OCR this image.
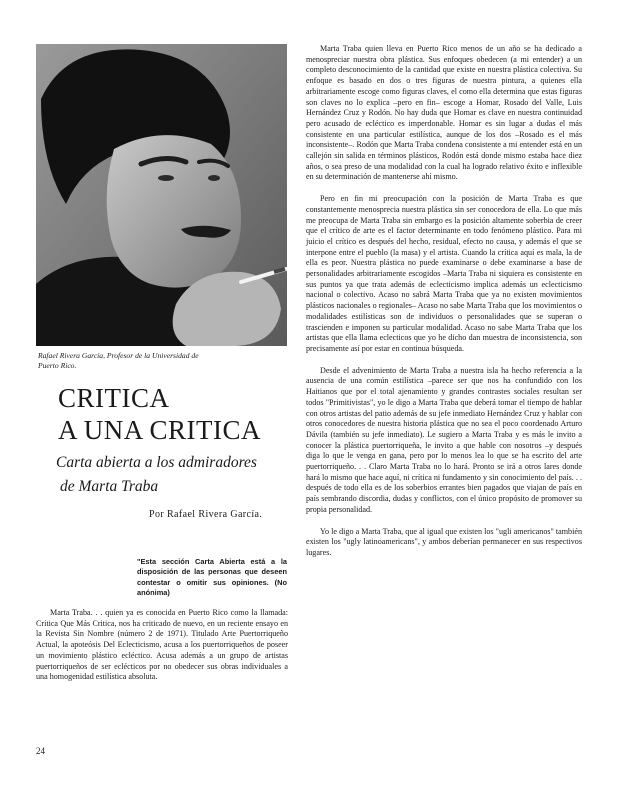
Rafael Rivera García, Profesor de la Universidad de Puerto Rico.

CRITICA
A UNA CRITICA
Carta abierta a los admiradores
de Marta Traba

Por Rafael Rivera García.

"Esta sección Carta Abierta está a la disposición de las personas que deseen contestar o omitir sus opiniones. (No anónima)

Marta Traba. . . quien ya es conocida en Puerto Rico como la llamada: Crítica Que Más Critica, nos ha criticado de nuevo, en un reciente ensayo en la Revista Sin Nombre (número 2 de 1971). Titulado Arte Puertorriqueño Actual, la apoteósis Del Eclecticismo, acusa a los puertorriqueños de poseer un movimiento plástico ecléctico. Acusa además a un grupo de artistas puertorriqueños de ser eclécticos por no obedecer sus obras individuales a una homogenidad estilística absoluta.

Marta Traba quien lleva en Puerto Rico menos de un año se ha dedicado a menospreciar nuestra obra plástica. Sus enfoques obedecen (a mi entender) a un completo desconocimiento de la cantidad que existe en nuestra plástica colectiva. Su enfoque es basado en dos o tres figuras de nuestra pintura, a quienes ella arbitrariamente escoge como figuras claves, el como ella determina que estas figuras son claves no lo explica –pero en fin– escoge a Homar, Rosado del Valle, Luis Hernández Cruz y Rodón. No hay duda que Homar es clave en nuestra continuidad pero acusado de ecléctico es imperdonable. Homar es sin lugar a dudas el más consistente en una particular estilística, aunque de los dos –Rosado es el más inconsistente–. Rodón que Marta Traba condena consistente a mi entender está en un callejón sin salida en términos plásticos, Rodón está donde mismo estaba hace diez años, o sea preso de una modalidad con la cual ha logrado relativo éxito e inflexible en su determinación de mantenerse ahí mismo.

Pero en fin mi preocupación con la posición de Marta Traba es que constantemente menosprecia nuestra plástica sin ser conocedora de ella. Lo que más me preocupa de Marta Traba sin embargo es la posición altamente soberbia de creer que el crítico de arte es el factor determinante en todo fenómeno plástico. Para mi juicio el crítico es después del hecho, residual, efecto no causa, y además el que se interpone entre el pueblo (la masa) y el artista. Cuando la crítica aquí es mala, la de ella es peor. Nuestra plástica no puede examinarse o debe examinarse a base de personalidades arbitrariamente escogidos –Marta Traba ni siquiera es consistente en sus puntos ya que trata además de eclecticismo implica además un eclecticismo nacional o colectivo. Acaso no sabrá Marta Traba que ya no existen movimientos plásticos nacionales o regionales– Acaso no sabe Marta Traba que los movimientos o modalidades estilísticas son de individuos o personalidades que se superan o trascienden e imponen su particular modalidad. Acaso no sabe Marta Traba que los artistas que ella llama eclecticos que yo he dicho dan muestra de inconsistencia, son precisamente así por estar en continua búsqueda.

Desde el advenimiento de Marta Traba a nuestra isla ha hecho referencia a la ausencia de una común estilística –parece ser que nos ha confundido con los Haitianos que por el total ajenamiento y grandes contrastes sociales resultan ser todos "Primitivistas", yo le digo a Marta Traba que deberá tomar el tiempo de hablar con otros artistas del patio además de su jefe inmediato Hernández Cruz y hablar con otros conocedores de nuestra historia plástica que no sea el poco coordenado Arturo Dávila (también su jefe inmediato). Le sugiero a Marta Traba y es más le invito a conocer la plástica puertorriqueña, le invito a que hable con nosotros –y después diga lo que le venga en gana, pero por lo menos lea lo que se ha escrito del arte puertorriqueño. . . Claro Marta Traba no lo hará. Pronto se irá a otros lares donde hará lo mismo que hace aquí, ni crítica ni fundamento y sin conocimiento del país. . . después de todo ella es de los soberbios errantes bien pagados que viajan de país en país sembrando discordia, dudas y conflictos, con el único propósito de promover su propia personalidad.

Yo le digo a Marta Traba, que al igual que existen los "ugli americanos" también existen los "ugly latinoamericans", y ambos deberían permanecer en sus respectivos lugares.

24
